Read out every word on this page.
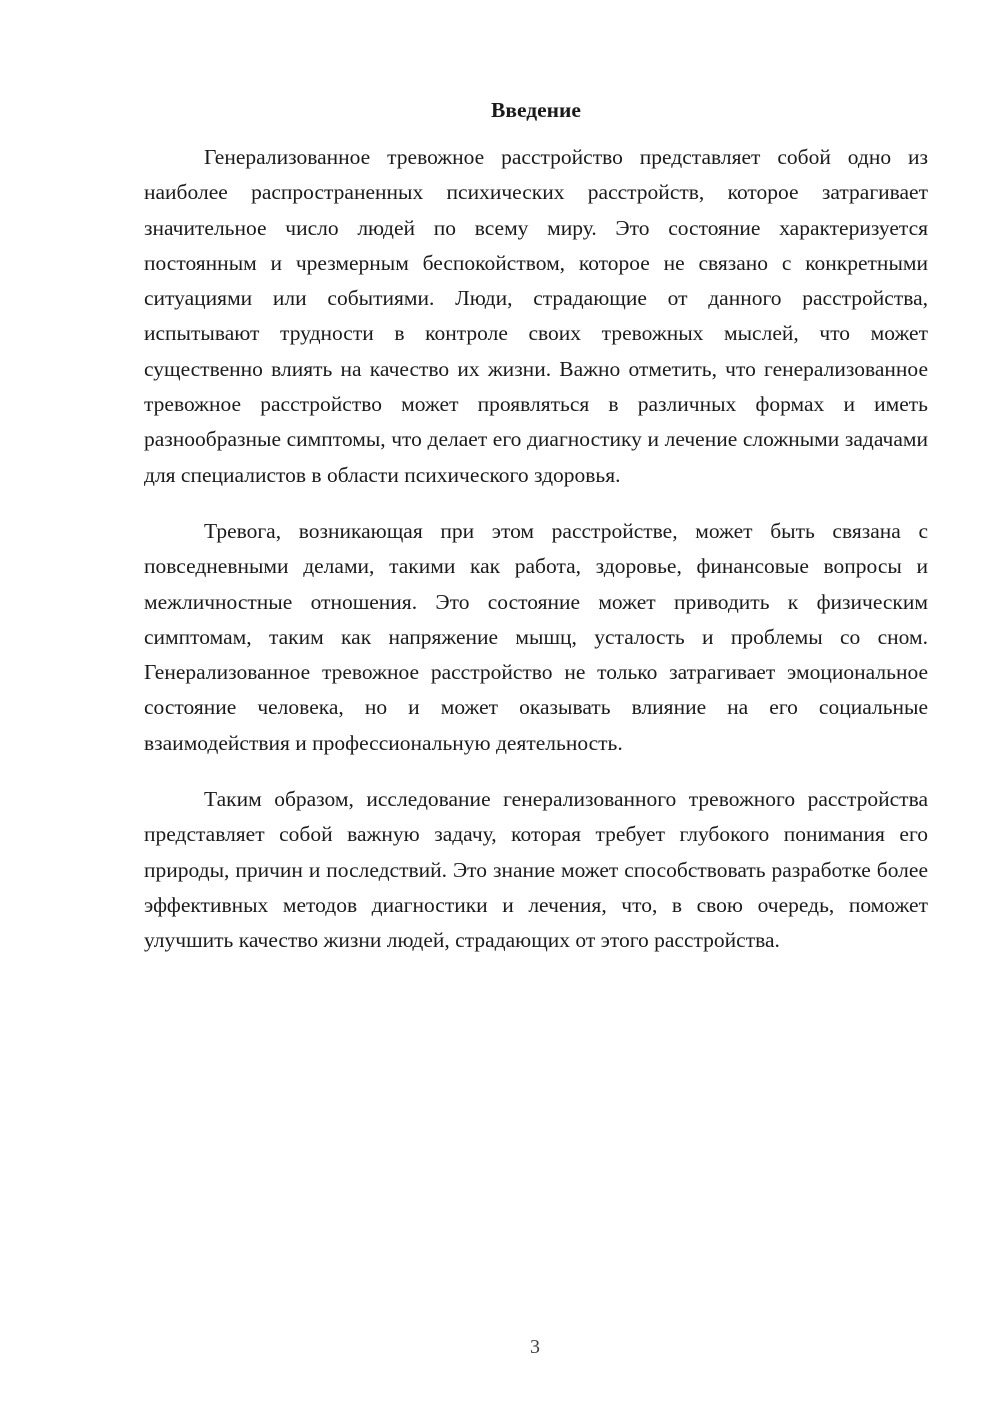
Введение

Генерализованное тревожное расстройство представляет собой одно из наиболее распространенных психических расстройств, которое затрагивает значительное число людей по всему миру. Это состояние характеризуется постоянным и чрезмерным беспокойством, которое не связано с конкретными ситуациями или событиями. Люди, страдающие от данного расстройства, испытывают трудности в контроле своих тревожных мыслей, что может существенно влиять на качество их жизни. Важно отметить, что генерализованное тревожное расстройство может проявляться в различных формах и иметь разнообразные симптомы, что делает его диагностику и лечение сложными задачами для специалистов в области психического здоровья.

Тревога, возникающая при этом расстройстве, может быть связана с повседневными делами, такими как работа, здоровье, финансовые вопросы и межличностные отношения. Это состояние может приводить к физическим симптомам, таким как напряжение мышц, усталость и проблемы со сном. Генерализованное тревожное расстройство не только затрагивает эмоциональное состояние человека, но и может оказывать влияние на его социальные взаимодействия и профессиональную деятельность.

Таким образом, исследование генерализованного тревожного расстройства представляет собой важную задачу, которая требует глубокого понимания его природы, причин и последствий. Это знание может способствовать разработке более эффективных методов диагностики и лечения, что, в свою очередь, поможет улучшить качество жизни людей, страдающих от этого расстройства.

3
